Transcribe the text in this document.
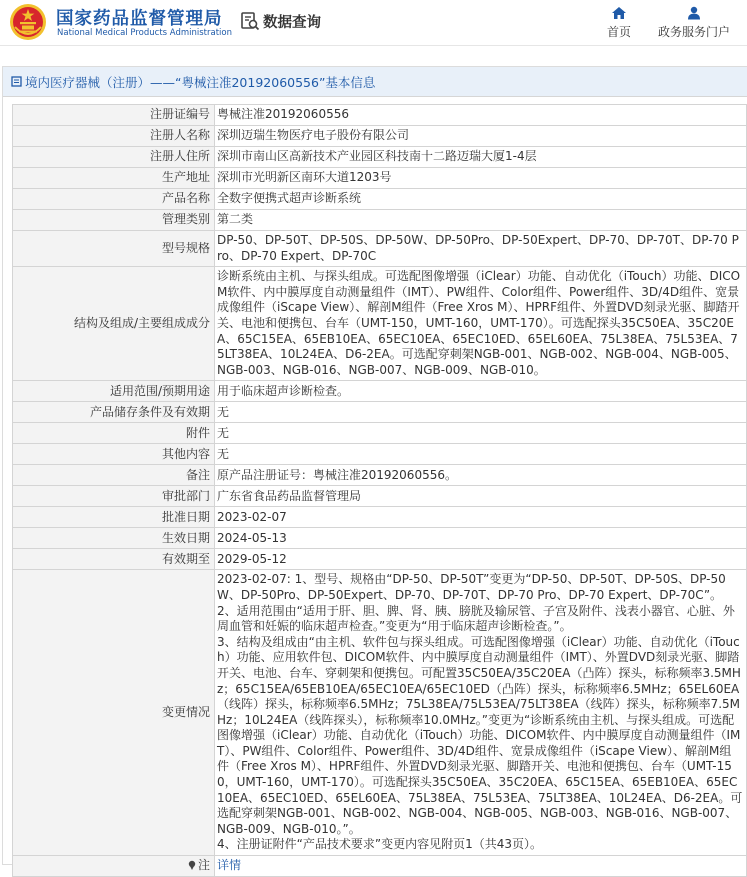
国家药品监督管理局
National Medical Products Administration
数据查询
首页 政务服务门户
境内医疗器械（注册）——“粤械注准20192060556”基本信息
注册证编号	粤械注准20192060556
注册人名称	深圳迈瑞生物医疗电子股份有限公司
注册人住所	深圳市南山区高新技术产业园区科技南十二路迈瑞大厦1-4层
生产地址	深圳市光明新区南环大道1203号
产品名称	全数字便携式超声诊断系统
管理类别	第二类
型号规格	DP-50、DP-50T、DP-50S、DP-50W、DP-50Pro、DP-50Expert、DP-70、DP-70T、DP-70 Pro、DP-70 Expert、DP-70C
结构及组成/主要组成成分	诊断系统由主机、与探头组成。可选配图像增强（iClear）功能、自动优化（iTouch）功能、DICOM软件、内中膜厚度自动测量组件（IMT）、PW组件、Color组件、Power组件、3D/4D组件、宽景成像组件（iScape View）、解剖M组件（Free Xros M）、HPRF组件、外置DVD刻录光驱、脚踏开关、电池和便携包、台车（UMT-150，UMT-160，UMT-170）。可选配探头35C50EA、35C20EA、65C15EA、65EB10EA、65EC10EA、65EC10ED、65EL60EA、75L38EA、75L53EA、75LT38EA、10L24EA、D6-2EA。可选配穿刺架NGB-001、NGB-002、NGB-004、NGB-005、NGB-003、NGB-016、NGB-007、NGB-009、NGB-010。
适用范围/预期用途	用于临床超声诊断检查。
产品储存条件及有效期	无
附件	无
其他内容	无
备注	原产品注册证号：粤械注准20192060556。
审批部门	广东省食品药品监督管理局
批准日期	2023-02-07
生效日期	2024-05-13
有效期至	2029-05-12
变更情况	2023-02-07: 1、型号、规格由“DP-50、DP-50T”变更为“DP-50、DP-50T、DP-50S、DP-50W、DP-50Pro、DP-50Expert、DP-70、DP-70T、DP-70 Pro、DP-70 Expert、DP-70C”。
2、适用范围由“适用于肝、胆、脾、肾、胰、膀胱及输尿管、子宫及附件、浅表小器官、心脏、外周血管和妊娠的临床超声检查。”变更为“用于临床超声诊断检查。”。
3、结构及组成由“由主机、软件包与探头组成。可选配图像增强（iClear）功能、自动优化（iTouch）功能、应用软件包、DICOM软件、内中膜厚度自动测量组件（IMT）、外置DVD刻录光驱、脚踏开关、电池、台车、穿刺架和便携包。可配置35C50EA/35C20EA（凸阵）探头，标称频率3.5MHz；65C15EA/65EB10EA/65EC10EA/65EC10ED（凸阵）探头，标称频率6.5MHz；65EL60EA（线阵）探头，标称频率6.5MHz；75L38EA/75L53EA/75LT38EA（线阵）探头，标称频率7.5MHz；10L24EA（线阵探头），标称频率10.0MHz。”变更为“诊断系统由主机、与探头组成。可选配图像增强（iClear）功能、自动优化（iTouch）功能、DICOM软件、内中膜厚度自动测量组件（IMT）、PW组件、Color组件、Power组件、3D/4D组件、宽景成像组件（iScape View）、解剖M组件（Free Xros M）、HPRF组件、外置DVD刻录光驱、脚踏开关、电池和便携包、台车（UMT-150，UMT-160，UMT-170）。可选配探头35C50EA、35C20EA、65C15EA、65EB10EA、65EC10EA、65EC10ED、65EL60EA、75L38EA、75L53EA、75LT38EA、10L24EA、D6-2EA。可选配穿刺架NGB-001、NGB-002、NGB-004、NGB-005、NGB-003、NGB-016、NGB-007、NGB-009、NGB-010。”。
4、注册证附件“产品技术要求”变更内容见附页1（共43页）。
注	详情
